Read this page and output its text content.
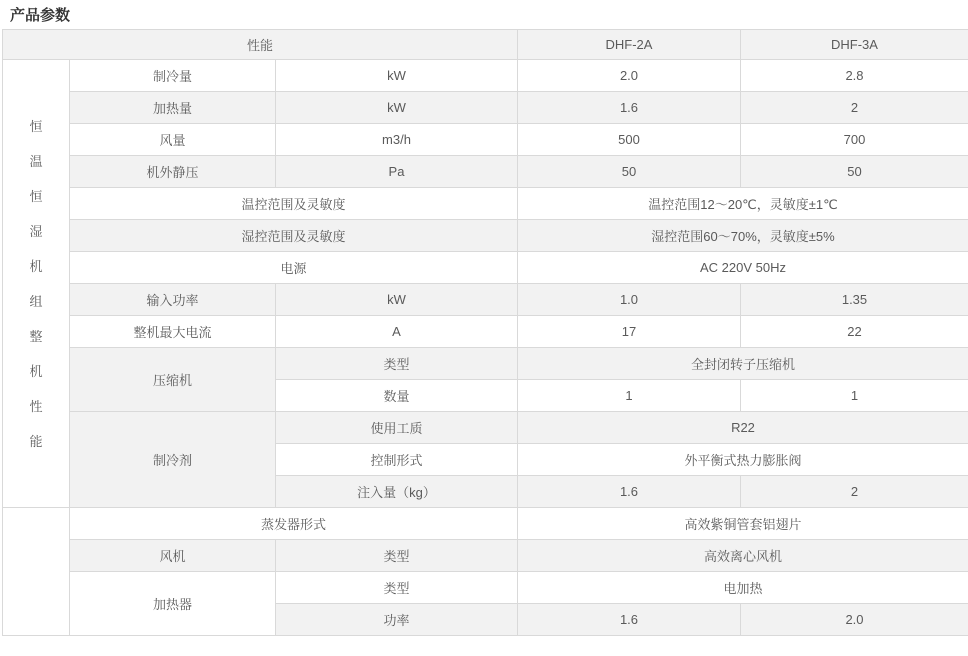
产品参数
性能			DHF-2A	DHF-3A

恒
温
恒
湿
机
组
整
机
性
能
	制冷量	kW	2.0	2.8
	加热量	kW	1.6	2
	风量	m3/h	500	700
	机外静压	Pa	50	50
	温控范围及灵敏度		温控范围12～20℃，灵敏度±1℃	
	湿控范围及灵敏度		湿控范围60～70%，灵敏度±5%	
	电源		AC 220V 50Hz	
	输入功率	kW	1.0	1.35
	整机最大电流	A	17	22
	压缩机	类型	全封闭转子压缩机	
		数量	1	1
	制冷剂	使用工质	R22	
		控制形式	外平衡式热力膨胀阀	
		注入量（kg）	1.6	2
	蒸发器形式		高效紫铜管套铝翅片	
	风机	类型	高效离心风机	
	加热器	类型	电加热	
		功率	1.6	2.0
